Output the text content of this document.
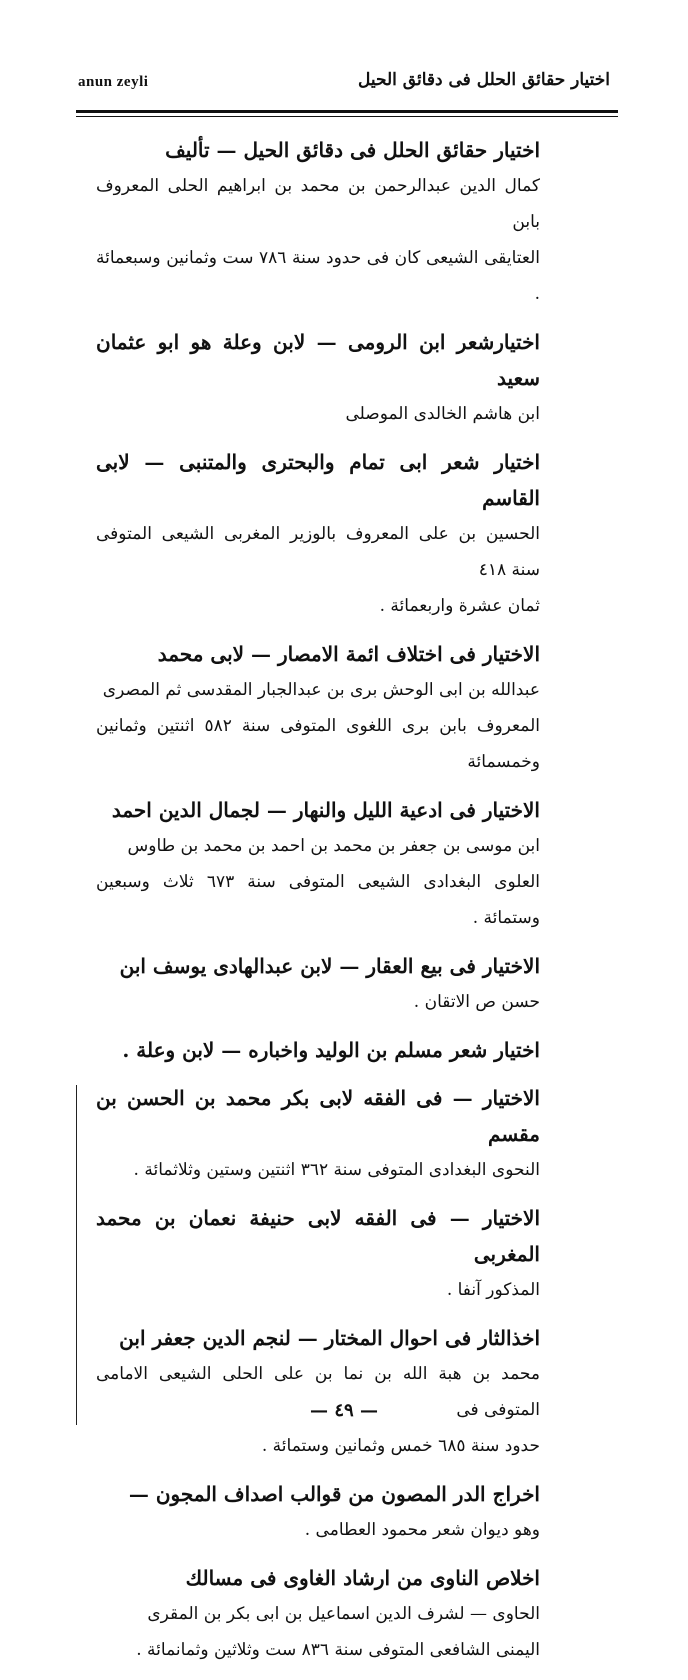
anun zeyli	اختيار حقائق الحلل فى دقائق الحيل

اختيار حقائق الحلل فى دقائق الحيل — تأليف

كمال الدين عبدالرحمن بن محمد بن ابراهيم الحلى المعروف بابن

العتايقى الشيعى كان فى حدود سنة ٧٨٦ ست وثمانين وسبعمائة .

اختيارشعر ابن الرومى — لابن وعلة هو ابو عثمان سعيد

ابن هاشم الخالدى الموصلى

اختيار شعر ابى تمام والبحترى والمتنبى — لابى القاسم

الحسين بن على المعروف بالوزير المغربى الشيعى المتوفى سنة ٤١٨

ثمان عشرة واربعمائة .

الاختيار فى اختلاف ائمة الامصار — لابى محمد

عبدالله بن ابى الوحش برى بن عبدالجبار المقدسى ثم المصرى

المعروف بابن برى اللغوى المتوفى سنة ٥٨٢ اثنتين وثمانين وخمسمائة

الاختيار فى ادعية الليل والنهار — لجمال الدين احمد

ابن موسى بن جعفر بن محمد بن احمد بن محمد بن طاوس

العلوى البغدادى الشيعى المتوفى سنة ٦٧٣ ثلاث وسبعين وستمائة .

الاختيار فى بيع العقار — لابن عبدالهادى يوسف ابن

حسن ص الاتقان .

اختيار شعر مسلم بن الوليد واخباره — لابن وعلة .

الاختيار — فى الفقه لابى بكر محمد بن الحسن بن مقسم

النحوى البغدادى المتوفى سنة ٣٦٢ اثنتين وستين وثلاثمائة .

الاختيار — فى الفقه لابى حنيفة نعمان بن محمد المغربى

المذكور آنفا .

اخذالثار فى احوال المختار — لنجم الدين جعفر ابن

محمد بن هبة الله بن نما بن على الحلى الشيعى الامامى المتوفى فى

حدود سنة ٦٨٥ خمس وثمانين وستمائة .

اخراج الدر المصون من قوالب اصداف المجون —

وهو ديوان شعر محمود العطامى .

اخلاص الناوى من ارشاد الغاوى فى مسالك

الحاوى — لشرف الدين اسماعيل بن ابى بكر بن المقرى

اليمنى الشافعى المتوفى سنة ٨٣٦ ست وثلاثين وثمانمائة .

— ٤٩ —
